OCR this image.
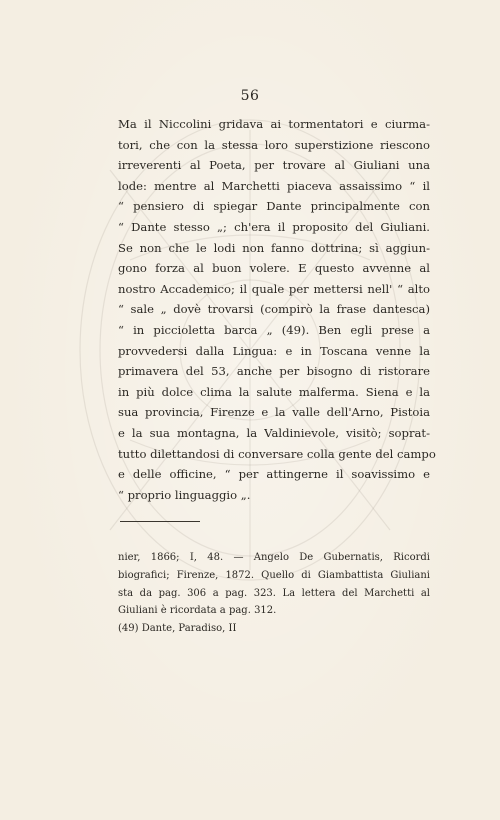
56
Ma il Niccolini gridava ai tormentatori e ciurma-
tori, che con la stessa loro superstizione riescono
irreverenti al Poeta, per trovare al Giuliani una
lode: mentre al Marchetti piaceva assaissimo “ il
“ pensiero di spiegar Dante principalmente con
“ Dante stesso „; ch'era il proposito del Giuliani.
Se non che le lodi non fanno dottrina; sì aggiun-
gono forza al buon volere. E questo avvenne al
nostro Accademico; il quale per mettersi nell' “ alto
“ sale „ dovè trovarsi (compirò la frase dantesca)
“ in piccioletta barca „ (49). Ben egli prese a
provvedersi dalla Lingua: e in Toscana venne la
primavera del 53, anche per bisogno di ristorare
in più dolce clima la salute malferma. Siena e la
sua provincia, Firenze e la valle dell'Arno, Pistoia
e la sua montagna, la Valdinievole, visitò; soprat-
tutto dilettandosi di conversare colla gente del campo
e delle officine, “ per attingerne il soavissimo e
“ proprio linguaggio „.
nier, 1866; I, 48. — Angelo De Gubernatis, Ricordi
biografici; Firenze, 1872. Quello di Giambattista Giuliani
sta da pag. 306 a pag. 323. La lettera del Marchetti al
Giuliani è ricordata a pag. 312.
(49) Dante, Paradiso, II
